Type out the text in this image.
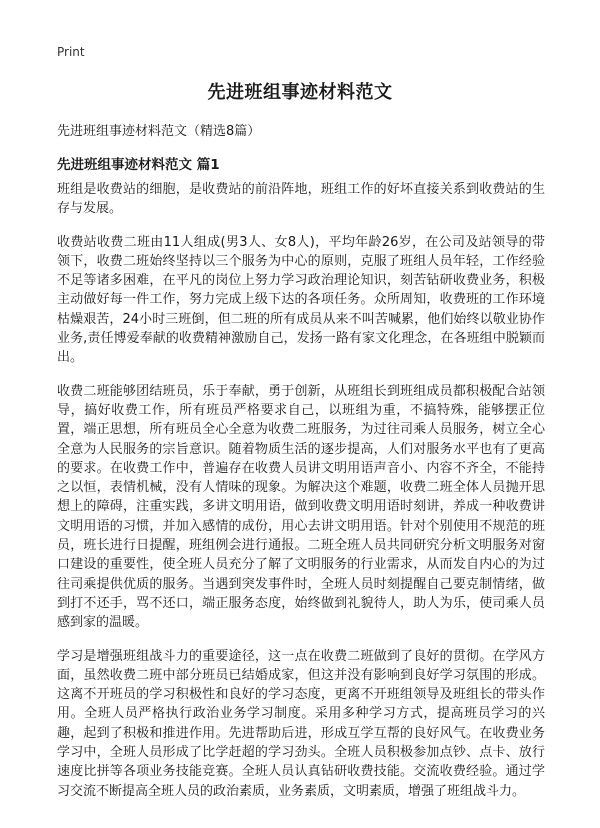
Print
先进班组事迹材料范文
先进班组事迹材料范文（精选8篇）
先进班组事迹材料范文 篇1

班组是收费站的细胞，是收费站的前沿阵地，班组工作的好坏直接关系到收费站的生存与发展。

收费站收费二班由11人组成(男3人、女8人)，平均年龄26岁，在公司及站领导的带领下，收费二班始终坚持以三个服务为中心的原则，克服了班组人员年轻，工作经验不足等诸多困难，在平凡的岗位上努力学习政治理论知识，刻苦钻研收费业务，积极主动做好每一件工作，努力完成上级下达的各项任务。众所周知，收费班的工作环境枯燥艰苦，24小时三班倒，但二班的所有成员从来不叫苦喊累，他们始终以敬业协作业务,责任博爱奉献的收费精神激励自己，发扬一路有家文化理念，在各班组中脱颖而出。

收费二班能够团结班员，乐于奉献，勇于创新，从班组长到班组成员都积极配合站领导，搞好收费工作，所有班员严格要求自己，以班组为重，不搞特殊，能够摆正位置，端正思想，所有班员全心全意为收费二班服务，为过往司乘人员服务，树立全心全意为人民服务的宗旨意识。随着物质生活的逐步提高，人们对服务水平也有了更高的要求。在收费工作中，普遍存在收费人员讲文明用语声音小、内容不齐全，不能持之以恒，表情机械，没有人情味的现象。为解决这个难题，收费二班全体人员抛开思想上的障碍，注重实践，多讲文明用语，做到收费文明用语时刻讲，养成一种收费讲文明用语的习惯，并加入感情的成份，用心去讲文明用语。针对个别使用不规范的班员，班长进行日提醒，班组例会进行通报。二班全班人员共同研究分析文明服务对窗口建设的重要性，使全班人员充分了解了文明服务的行业需求，从而发自内心的为过往司乘提供优质的服务。当遇到突发事件时，全班人员时刻提醒自己要克制情绪，做到打不还手，骂不还口，端正服务态度，始终做到礼貌待人，助人为乐，使司乘人员感到家的温暖。

学习是增强班组战斗力的重要途径，这一点在收费二班做到了良好的贯彻。在学风方面，虽然收费二班中部分班员已结婚成家，但这并没有影响到良好学习氛围的形成。这离不开班员的学习积极性和良好的学习态度，更离不开班组领导及班组长的带头作用。全班人员严格执行政治业务学习制度。采用多种学习方式，提高班员学习的兴趣，起到了积极和推进作用。先进帮助后进，形成互学互帮的良好风气。在收费业务学习中，全班人员形成了比学赶超的学习劲头。全班人员积极参加点钞、点卡、放行速度比拼等各项业务技能竞赛。全班人员认真钻研收费技能。交流收费经验。通过学习交流不断提高全班人员的政治素质，业务素质，文明素质，增强了班组战斗力。
